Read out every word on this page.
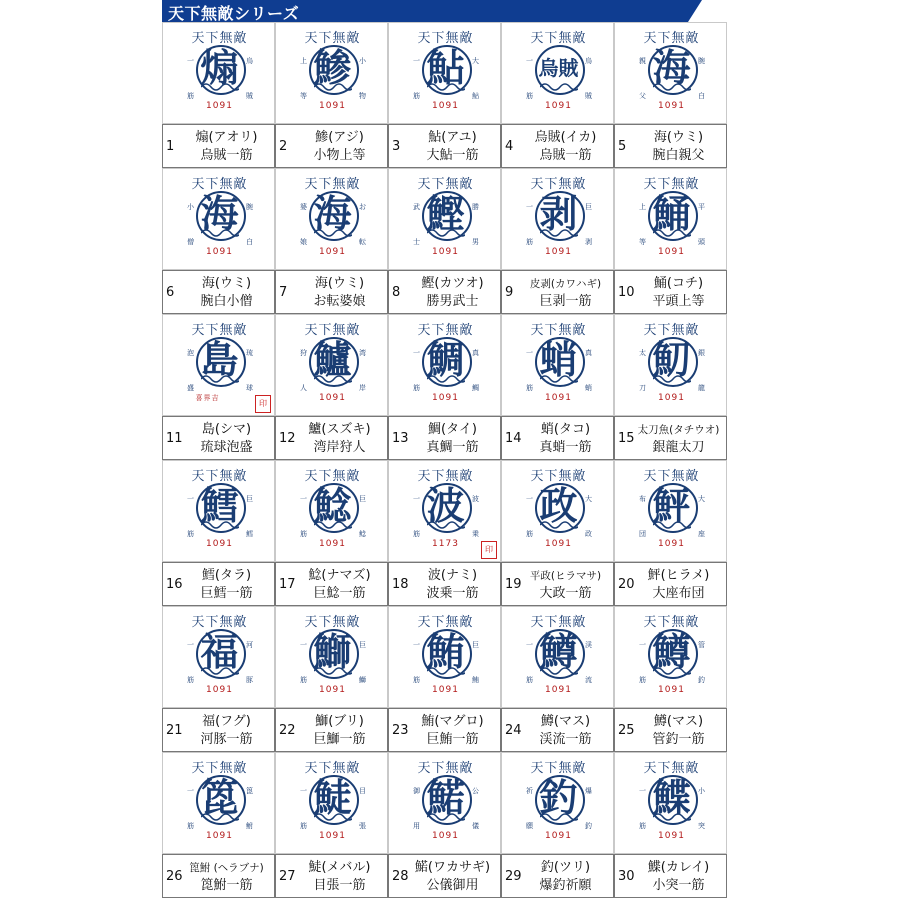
天下無敵シリーズ
天下無敵
煽
一	烏
筋	賊
1091
1
煽(アオリ)
烏賊一筋
天下無敵
鯵
上	小
等	物
1091
2
鯵(アジ)
小物上等
天下無敵
鮎
一	大
筋	鮎
1091
3
鮎(アユ)
大鮎一筋
天下無敵
烏賊
一	烏
筋	賊
1091
4
烏賊(イカ)
烏賊一筋
天下無敵
海
親	腕
父	白
1091
5
海(ウミ)
腕白親父
天下無敵
海
小	腕
僧	白
1091
6
海(ウミ)
腕白小僧
天下無敵
海
婆	お
娘	転
1091
7
海(ウミ)
お転婆娘
天下無敵
鰹
武	勝
士	男
1091
8
鰹(カツオ)
勝男武士
天下無敵
剥
一	巨
筋	剥
1091
9
皮剥(カワハギ)
巨剥一筋
天下無敵
鯒
上	平
等	頭
1091
10
鯒(コチ)
平頭上等
天下無敵
島
泡	琉
盛	球
喜界吉
印
11
島(シマ)
琉球泡盛
天下無敵
鱸
狩	湾
人	岸
1091
12
鱸(スズキ)
湾岸狩人
天下無敵
鯛
一	真
筋	鯛
1091
13
鯛(タイ)
真鯛一筋
天下無敵
蛸
一	真
筋	蛸
1091
14
蛸(タコ)
真蛸一筋
天下無敵
魛
太	銀
刀	龍
1091
15
太刀魚(タチウオ)
銀龍太刀
天下無敵
鱈
一	巨
筋	鱈
1091
16
鱈(タラ)
巨鱈一筋
天下無敵
鯰
一	巨
筋	鯰
1091
17
鯰(ナマズ)
巨鯰一筋
天下無敵
波
一	波
筋	乗
1173
印
18
波(ナミ)
波乗一筋
天下無敵
政
一	大
筋	政
1091
19
平政(ヒラマサ)
大政一筋
天下無敵
鮃
布	大
団	座
1091
20
鮃(ヒラメ)
大座布団
天下無敵
福
一	河
筋	豚
1091
21
福(フグ)
河豚一筋
天下無敵
鰤
一	巨
筋	鰤
1091
22
鰤(ブリ)
巨鰤一筋
天下無敵
鮪
一	巨
筋	鮪
1091
23
鮪(マグロ)
巨鮪一筋
天下無敵
鱒
一	渓
筋	流
1091
24
鱒(マス)
渓流一筋
天下無敵
鱒
一	管
筋	釣
1091
25
鱒(マス)
管釣一筋
天下無敵
箆
一	箆
筋	鮒
1091
26
箆鮒 (ヘラブナ)
箆鮒一筋
天下無敵
鯐
一	目
筋	張
1091
27
鯐(メバル)
目張一筋
天下無敵
鰙
御	公
用	儀
1091
28
鰙(ワカサギ)
公儀御用
天下無敵
釣
祈	爆
願	釣
1091
29
釣(ツリ)
爆釣祈願
天下無敵
鰈
一	小
筋	突
1091
30
鰈(カレイ)
小突一筋
